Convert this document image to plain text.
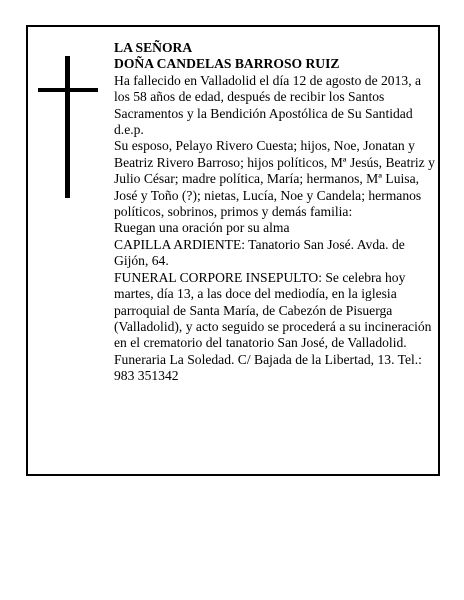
LA SEÑORA

DOÑA CANDELAS BARROSO RUIZ

Ha fallecido en Valladolid el día 12 de agosto de 2013, a los 58 años de edad, después de recibir los Santos Sacramentos y la Bendición Apostólica de Su Santidad d.e.p.

Su esposo, Pelayo Rivero Cuesta; hijos, Noe, Jonatan y Beatriz Rivero Barroso; hijos políticos, Mª Jesús, Beatriz y Julio César; madre política, María; hermanos, Mª Luisa, José y Toño (?); nietas, Lucía, Noe y Candela; hermanos políticos, sobrinos, primos y demás familia:

Ruegan una oración por su alma

CAPILLA ARDIENTE: Tanatorio San José. Avda. de Gijón, 64.

FUNERAL CORPORE INSEPULTO: Se celebra hoy martes, día 13, a las doce del mediodía, en la iglesia parroquial de Santa María, de Cabezón de Pisuerga (Valladolid), y acto seguido se procederá a su incineración en el crematorio del tanatorio San José, de Valladolid.

Funeraria La Soledad. C/ Bajada de la Libertad, 13. Tel.: 983 351342
